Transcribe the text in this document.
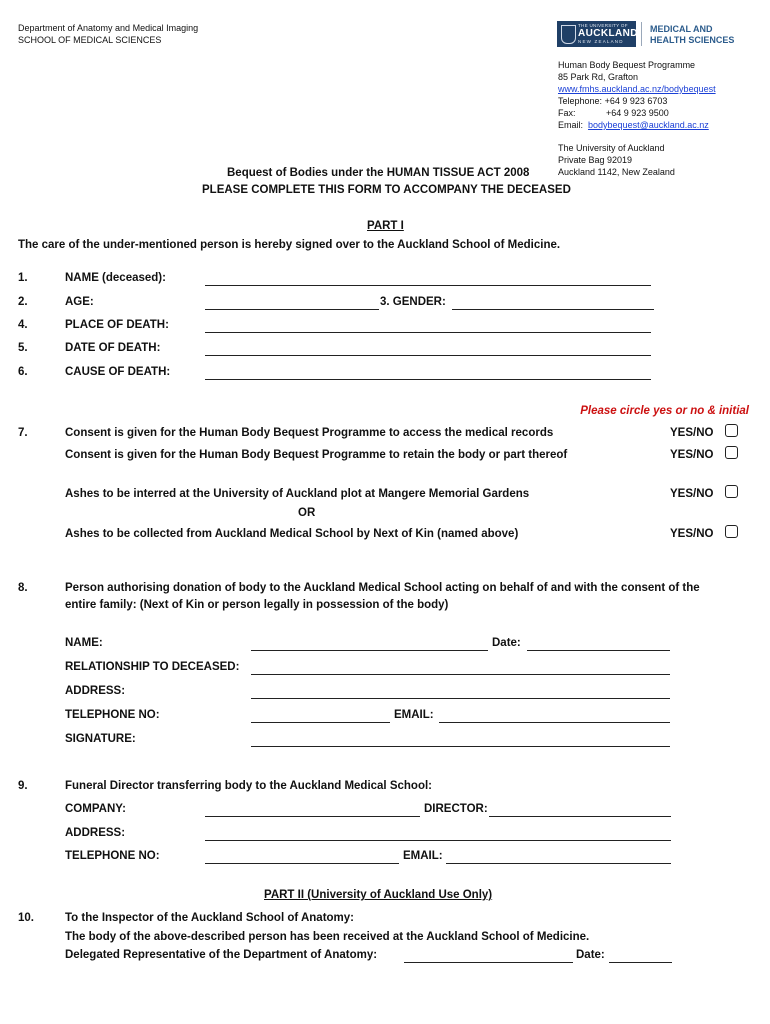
Department of Anatomy and Medical Imaging
SCHOOL OF MEDICAL SCIENCES
THE UNIVERSITY OF
AUCKLAND
NEW ZEALAND
MEDICAL AND
HEALTH SCIENCES
Human Body Bequest Programme
85 Park Rd, Grafton
www.fmhs.auckland.ac.nz/bodybequest
Telephone: +64 9 923 6703
Fax:	+64 9 923 9500
Email: bodybequest@auckland.ac.nz
The University of Auckland
Private Bag 92019
Auckland 1142, New Zealand
Bequest of Bodies under the HUMAN TISSUE ACT 2008
PLEASE COMPLETE THIS FORM TO ACCOMPANY THE DECEASED
PART I
The care of the under-mentioned person is hereby signed over to the Auckland School of Medicine.
1.	NAME (deceased):
2.	AGE:	3. GENDER:
4.	PLACE OF DEATH:
5.	DATE OF DEATH:
6.	CAUSE OF DEATH:
Please circle yes or no & initial
7.	Consent is given for the Human Body Bequest Programme to access the medical records	YES/NO
Consent is given for the Human Body Bequest Programme to retain the body or part thereof	YES/NO
Ashes to be interred at the University of Auckland plot at Mangere Memorial Gardens	YES/NO
OR
Ashes to be collected from Auckland Medical School by Next of Kin (named above)	YES/NO
8.	Person authorising donation of body to the Auckland Medical School acting on behalf of and with the consent of the
entire family: (Next of Kin or person legally in possession of the body)
NAME:	Date:
RELATIONSHIP TO DECEASED:
ADDRESS:
TELEPHONE NO:	EMAIL:
SIGNATURE:
9.	Funeral Director transferring body to the Auckland Medical School:
COMPANY:	DIRECTOR:
ADDRESS:
TELEPHONE NO:	EMAIL:
PART II (University of Auckland Use Only)
10.	To the Inspector of the Auckland School of Anatomy:
The body of the above-described person has been received at the Auckland School of Medicine.
Delegated Representative of the Department of Anatomy:	Date:
